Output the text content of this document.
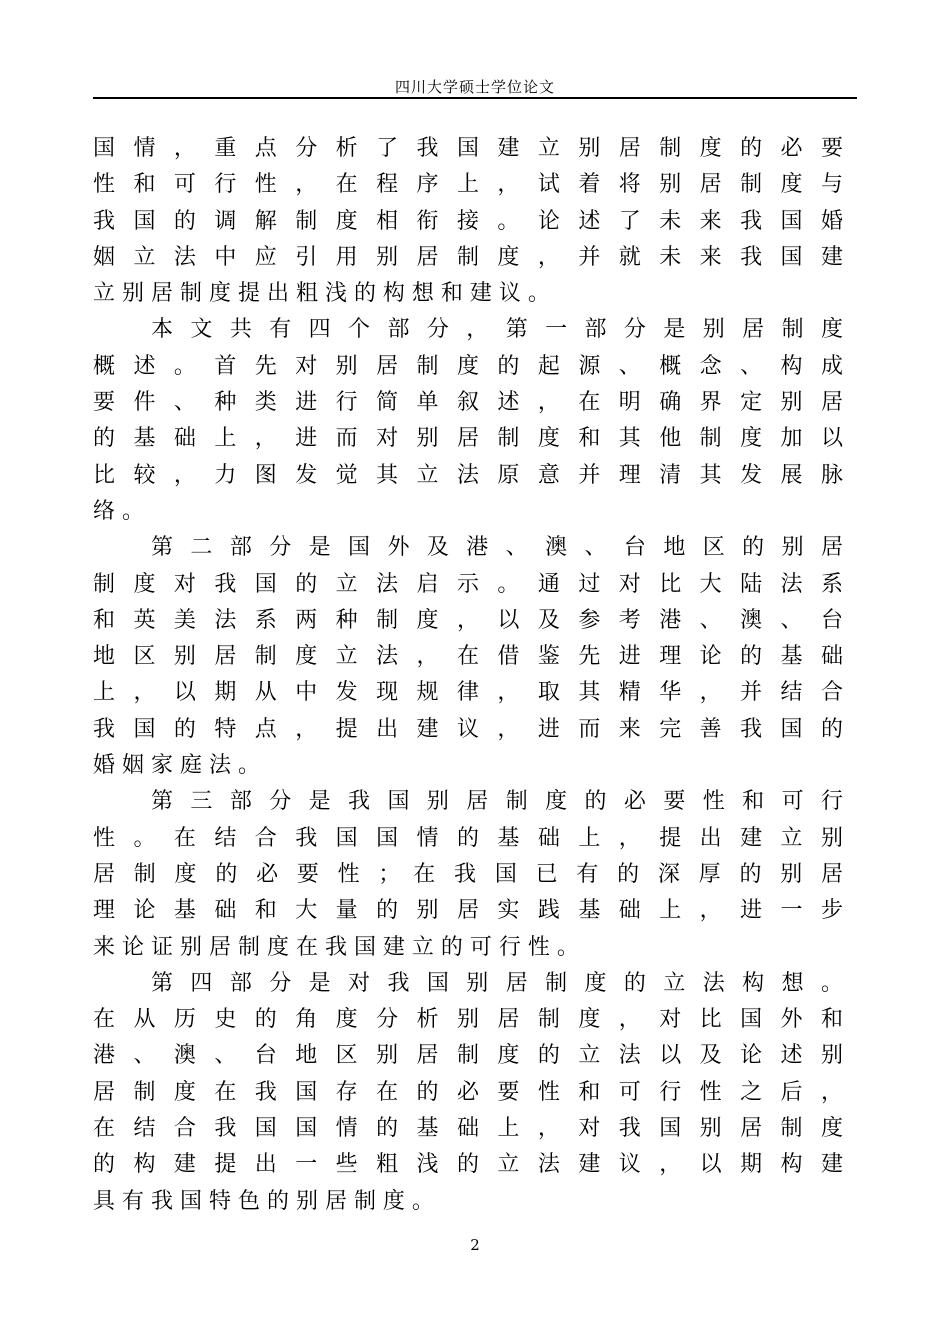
四川大学硕士学位论文
国 情 ， 重 点 分 析 了 我 国 建 立 别 居 制 度 的 必 要
性 和 可 行 性 ， 在 程 序 上 ， 试 着 将 别 居 制 度 与
我 国 的 调 解 制 度 相 衔 接 。 论 述 了 未 来 我 国 婚
姻 立 法 中 应 引 用 别 居 制 度 ， 并 就 未 来 我 国 建
立 别 居 制 度 提 出 粗 浅 的 构 想 和 建 议 。
本 文 共 有 四 个 部 分 ， 第 一 部 分 是 别 居 制 度
概 述 。 首 先 对 别 居 制 度 的 起 源 、 概 念 、 构 成
要 件 、 种 类 进 行 简 单 叙 述 ， 在 明 确 界 定 别 居
的 基 础 上 ， 进 而 对 别 居 制 度 和 其 他 制 度 加 以
比 较 ， 力 图 发 觉 其 立 法 原 意 并 理 清 其 发 展 脉
络 。
第 二 部 分 是 国 外 及 港 、 澳 、 台 地 区 的 别 居
制 度 对 我 国 的 立 法 启 示 。 通 过 对 比 大 陆 法 系
和 英 美 法 系 两 种 制 度 ， 以 及 参 考 港 、 澳 、 台
地 区 别 居 制 度 立 法 ， 在 借 鉴 先 进 理 论 的 基 础
上 ， 以 期 从 中 发 现 规 律 ， 取 其 精 华 ， 并 结 合
我 国 的 特 点 ， 提 出 建 议 ， 进 而 来 完 善 我 国 的
婚 姻 家 庭 法 。
第 三 部 分 是 我 国 别 居 制 度 的 必 要 性 和 可 行
性 。 在 结 合 我 国 国 情 的 基 础 上 ， 提 出 建 立 别
居 制 度 的 必 要 性 ； 在 我 国 已 有 的 深 厚 的 别 居
理 论 基 础 和 大 量 的 别 居 实 践 基 础 上 ， 进 一 步
来 论 证 别 居 制 度 在 我 国 建 立 的 可 行 性 。
第 四 部 分 是 对 我 国 别 居 制 度 的 立 法 构 想 。
在 从 历 史 的 角 度 分 析 别 居 制 度 ， 对 比 国 外 和
港 、 澳 、 台 地 区 别 居 制 度 的 立 法 以 及 论 述 别
居 制 度 在 我 国 存 在 的 必 要 性 和 可 行 性 之 后 ，
在 结 合 我 国 国 情 的 基 础 上 ， 对 我 国 别 居 制 度
的 构 建 提 出 一 些 粗 浅 的 立 法 建 议 ， 以 期 构 建
具 有 我 国 特 色 的 别 居 制 度 。
2
